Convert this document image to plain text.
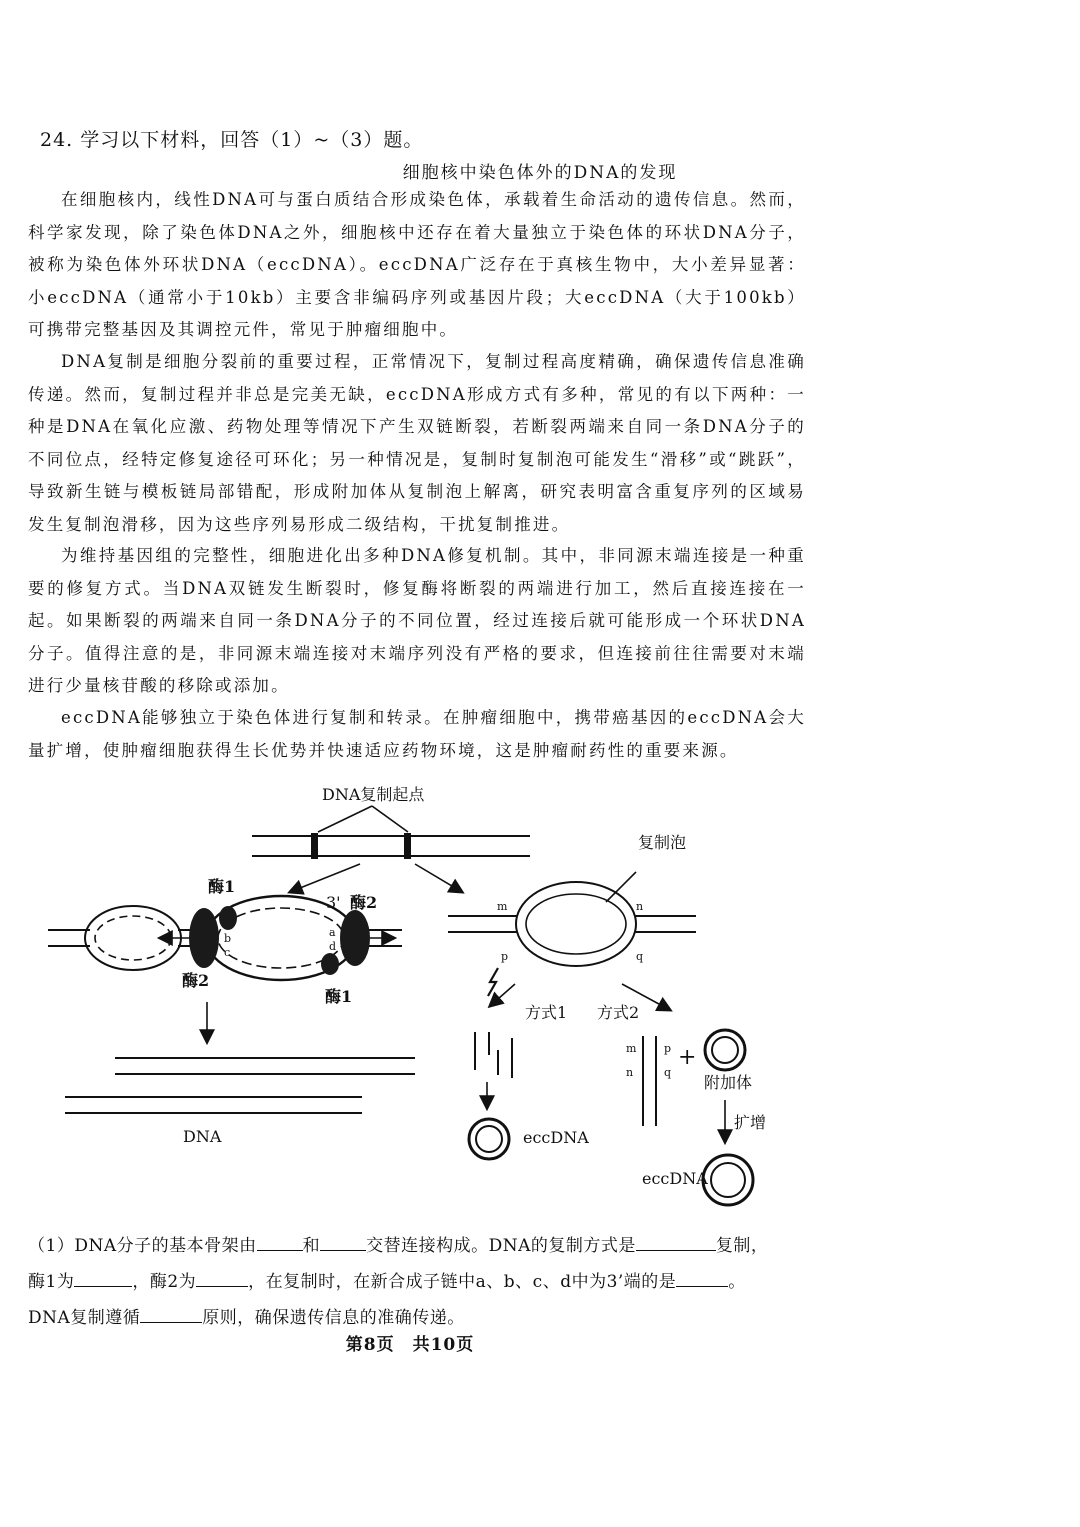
24. 学习以下材料，回答（1）~（3）题。
细胞核中染色体外的DNA的发现
在细胞核内，线性DNA可与蛋白质结合形成染色体，承载着生命活动的遗传信息。然而，科学家发现，除了染色体DNA之外，细胞核中还存在着大量独立于染色体的环状DNA分子，被称为染色体外环状DNA（eccDNA）。eccDNA广泛存在于真核生物中，大小差异显著：小eccDNA（通常小于10kb）主要含非编码序列或基因片段；大eccDNA（大于100kb）可携带完整基因及其调控元件，常见于肿瘤细胞中。
DNA复制是细胞分裂前的重要过程，正常情况下，复制过程高度精确，确保遗传信息准确传递。然而，复制过程并非总是完美无缺，eccDNA形成方式有多种，常见的有以下两种：一种是DNA在氧化应激、药物处理等情况下产生双链断裂，若断裂两端来自同一条DNA分子的不同位点，经特定修复途径可环化；另一种情况是，复制时复制泡可能发生“滑移”或“跳跃”，导致新生链与模板链局部错配，形成附加体从复制泡上解离，研究表明富含重复序列的区域易发生复制泡滑移，因为这些序列易形成二级结构，干扰复制推进。
为维持基因组的完整性，细胞进化出多种DNA修复机制。其中，非同源末端连接是一种重要的修复方式。当DNA双链发生断裂时，修复酶将断裂的两端进行加工，然后直接连接在一起。如果断裂的两端来自同一条DNA分子的不同位置，经过连接后就可能形成一个环状DNA分子。值得注意的是，非同源末端连接对末端序列没有严格的要求，但连接前往往需要对末端进行少量核苷酸的移除或添加。
eccDNA能够独立于染色体进行复制和转录。在肿瘤细胞中，携带癌基因的eccDNA会大量扩增，使肿瘤细胞获得生长优势并快速适应药物环境，这是肿瘤耐药性的重要来源。
DNA复制起点
酶1
3' 酶2
酶2
酶1
b
c
a
d
DNA
复制泡
m	n
p	q
方式1 方式2
eccDNA
m
n
p
q
+
附加体
扩增
eccDNA
（1）DNA分子的基本骨架由	和	交替连接构成。DNA的复制方式是	复制，
酶1为	，酶2为	，在复制时，在新合成子链中a、b、c、d中为3’端的是	。
DNA复制遵循	原则，确保遗传信息的准确传递。
第8页　共10页
